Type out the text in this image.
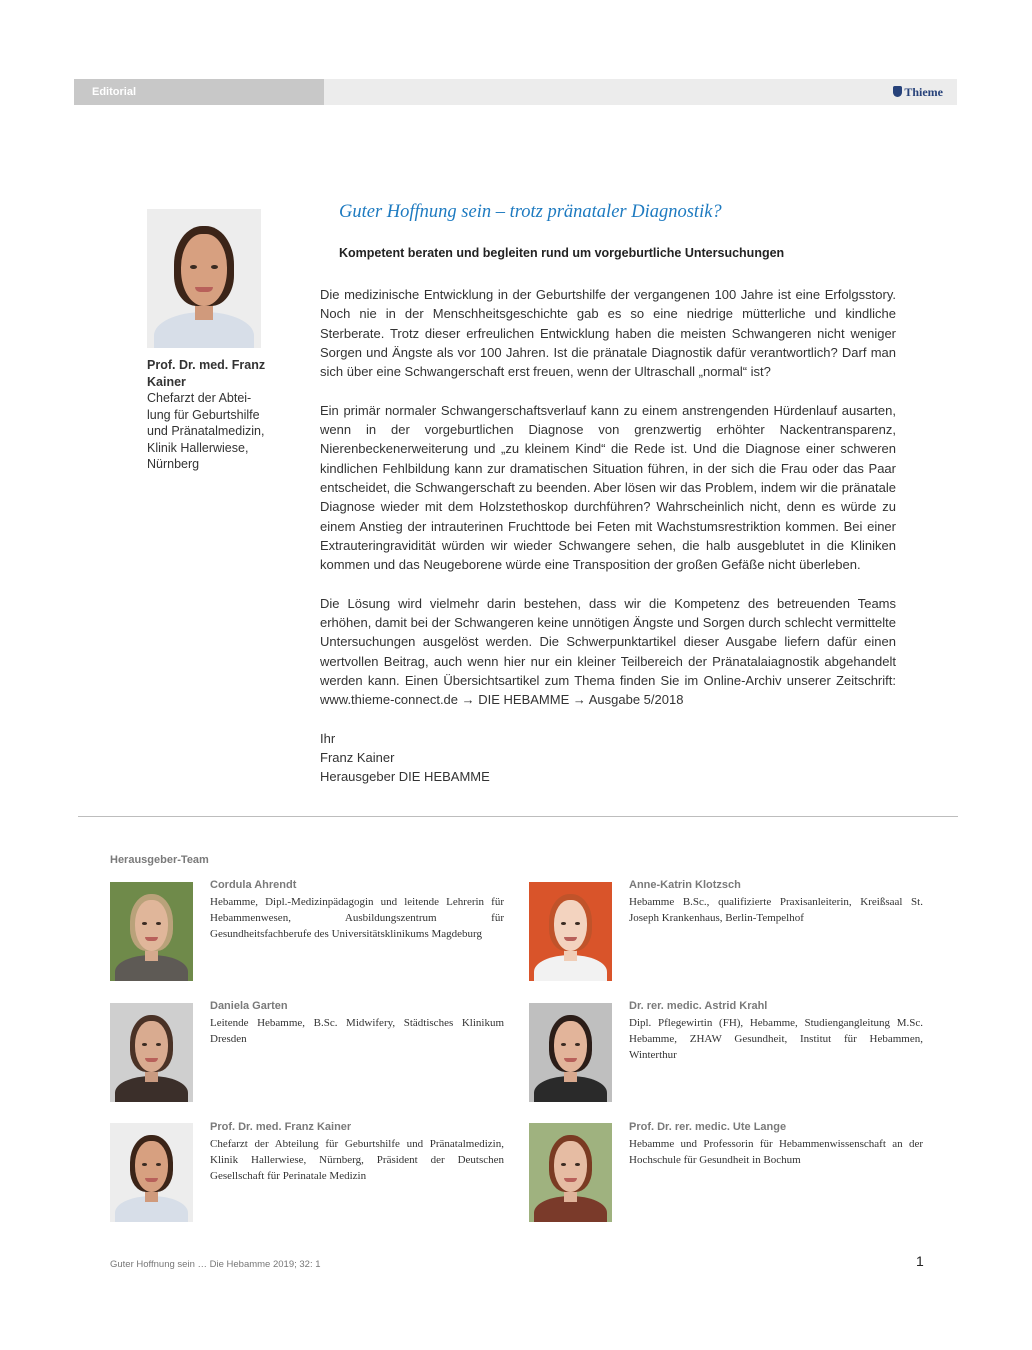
Editorial	Thieme
Prof. Dr. med. Franz Kainer
Chefarzt der Abtei-
lung für Geburtshilfe
und Pränatalmedizin,
Klinik Hallerwiese,
Nürnberg
Guter Hoffnung sein – trotz pränataler Diagnostik?
Kompetent beraten und begleiten rund um vorgeburtliche Untersuchungen

Die medizinische Entwicklung in der Geburtshilfe der vergangenen 100 Jahre ist eine Erfolgsstory. Noch nie in der Menschheitsgeschichte gab es so eine niedrige mütterliche und kindliche Sterberate. Trotz dieser erfreulichen Entwicklung haben die meisten Schwangeren nicht weniger Sorgen und Ängste als vor 100 Jahren. Ist die pränatale Diagnostik dafür verantwortlich? Darf man sich über eine Schwangerschaft erst freuen, wenn der Ultraschall „normal“ ist?

Ein primär normaler Schwangerschaftsverlauf kann zu einem anstrengenden Hürdenlauf ausarten, wenn in der vorgeburtlichen Diagnose von grenzwertig erhöhter Nackentransparenz, Nierenbeckenerweiterung und „zu kleinem Kind“ die Rede ist. Und die Diagnose einer schweren kindlichen Fehlbildung kann zur dramatischen Situation führen, in der sich die Frau oder das Paar entscheidet, die Schwangerschaft zu beenden. Aber lösen wir das Problem, indem wir die pränatale Diagnose wieder mit dem Holzstethoskop durchführen? Wahrscheinlich nicht, denn es würde zu einem Anstieg der intrauterinen Fruchttode bei Feten mit Wachstumsrestriktion kommen. Bei einer Extrauteringravidität würden wir wieder Schwangere sehen, die halb ausgeblutet in die Kliniken kommen und das Neugeborene würde eine Transposition der großen Gefäße nicht überleben.

Die Lösung wird vielmehr darin bestehen, dass wir die Kompetenz des betreuenden Teams erhöhen, damit bei der Schwangeren keine unnötigen Ängste und Sorgen durch schlecht vermittelte Untersuchungen ausgelöst werden. Die Schwerpunktartikel dieser Ausgabe liefern dafür einen wertvollen Beitrag, auch wenn hier nur ein kleiner Teilbereich der Pränatalaiagnostik abgehandelt werden kann. Einen Übersichtsartikel zum Thema finden Sie im Online-Archiv unserer Zeitschrift: www.thieme-connect.de → DIE HEBAMME → Ausgabe 5/2018

Ihr
Franz Kainer
Herausgeber DIE HEBAMME
Herausgeber-Team
Cordula Ahrendt
Hebamme, Dipl.-Medizinpädagogin und leitende Lehrerin für Hebammenwesen, Ausbildungszentrum für Gesundheitsfachberufe des Universitätsklinikums Magdeburg
Anne-Katrin Klotzsch
Hebamme B.Sc., qualifizierte Praxisanleiterin, Kreißsaal St. Joseph Krankenhaus, Berlin-Tempelhof
Daniela Garten
Leitende Hebamme, B.Sc. Midwifery, Städtisches Klinikum Dresden
Dr. rer. medic. Astrid Krahl
Dipl. Pflegewirtin (FH), Hebamme, Studiengangleitung M.Sc. Hebamme, ZHAW Gesundheit, Institut für Hebammen, Winterthur
Prof. Dr. med. Franz Kainer
Chefarzt der Abteilung für Geburtshilfe und Pränatalmedizin, Klinik Hallerwiese, Nürnberg, Präsident der Deutschen Gesellschaft für Perinatale Medizin
Prof. Dr. rer. medic. Ute Lange
Hebamme und Professorin für Hebammenwissenschaft an der Hochschule für Gesundheit in Bochum
Guter Hoffnung sein … Die Hebamme 2019; 32: 1	1
